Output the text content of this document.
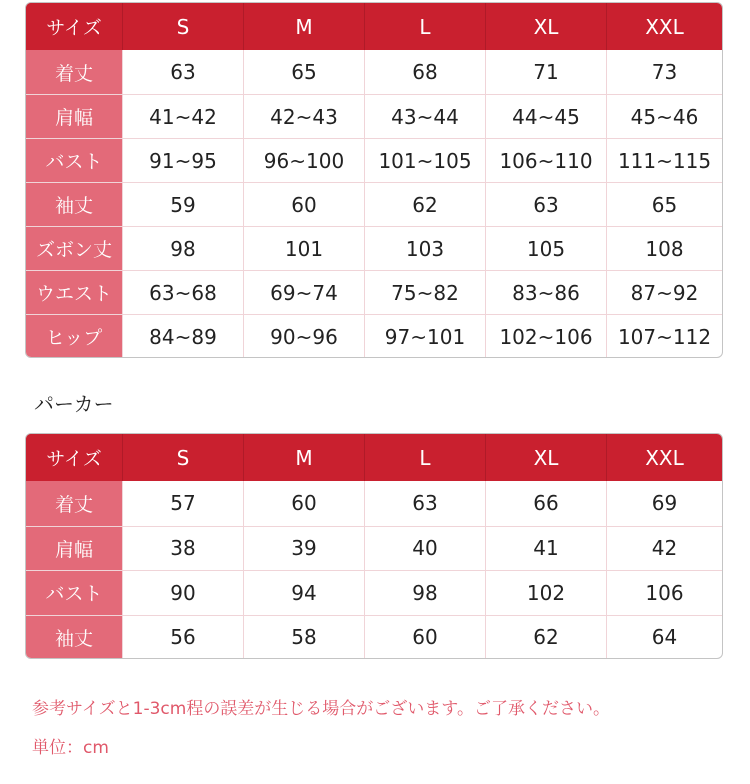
サイズ	S	M	L	XL	XXL
着丈	63	65	68	71	73
肩幅	41~42	42~43	43~44	44~45	45~46
バスト	91~95	96~100	101~105	106~110	111~115
袖丈	59	60	62	63	65
ズボン丈	98	101	103	105	108
ウエスト	63~68	69~74	75~82	83~86	87~92
ヒップ	84~89	90~96	97~101	102~106	107~112
パーカー
サイズ	S	M	L	XL	XXL
着丈	57	60	63	66	69
肩幅	38	39	40	41	42
バスト	90	94	98	102	106
袖丈	56	58	60	62	64

参考サイズと1-3cm程の誤差が生じる場合がございます。ご了承ください。

単位：cm
